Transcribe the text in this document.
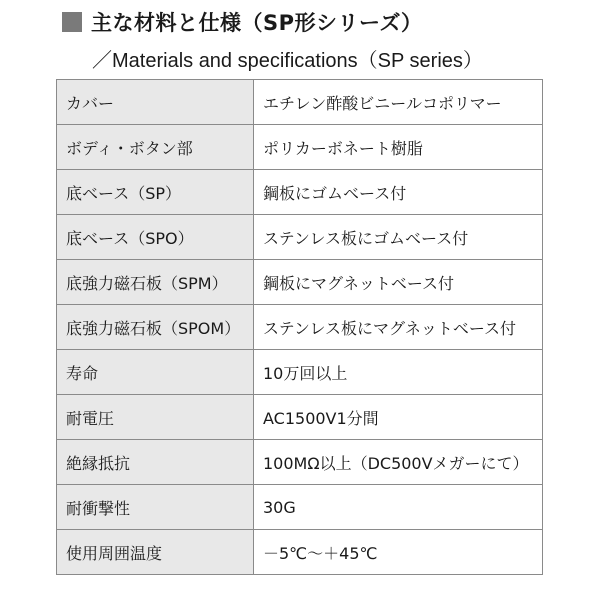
主な材料と仕様（SP形シリーズ）
／Materials and specifications（SP series）
カバー	エチレン酢酸ビニールコポリマー
ボディ・ボタン部	ポリカーボネート樹脂
底ベース（SP）	鋼板にゴムベース付
底ベース（SPO）	ステンレス板にゴムベース付
底強力磁石板（SPM）	鋼板にマグネットベース付
底強力磁石板（SPOM）	ステンレス板にマグネットベース付
寿命	10万回以上
耐電圧	AC1500V1分間
絶縁抵抗	100MΩ以上（DC500Vメガーにて）
耐衝撃性	30G
使用周囲温度	－5℃～＋45℃
